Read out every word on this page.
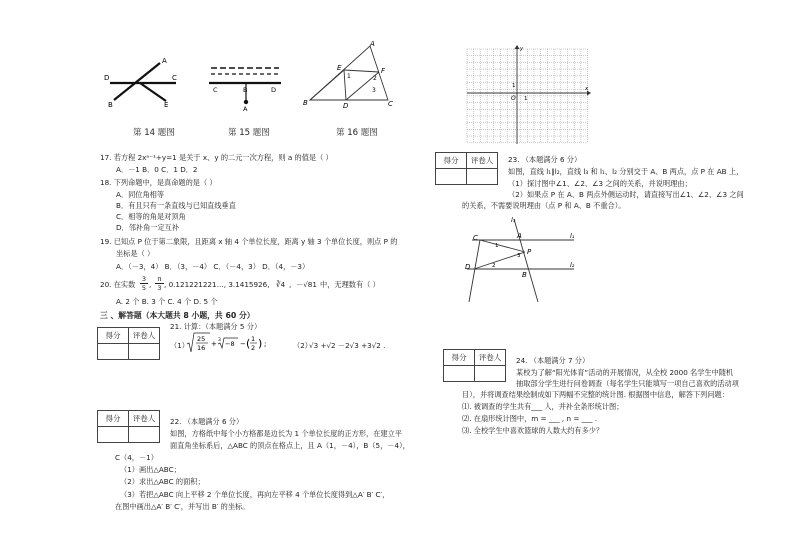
A
D	C
B	E
C	B	D
A
A
E	F
B	D	C
1	2
3
第 14 题图	第 15 题图	第 16 题图
17. 若方程 2xᵃ⁻¹+y=1 是关于 x、y 的二元一次方程，则 a 的值是（ ）
A．－1 B．0 C．1 D．2
18. 下列命题中，是真命题的是（ ）
A．同位角相等
B．有且只有一条直线与已知直线垂直
C．相等的角是对顶角
D．邻补角一定互补
19. 已知点 P 位于第二象限，且距离 x 轴 4 个单位长度，距离 y 轴 3 个单位长度，则点 P 的
坐标是（ ）
A．（－3，4） B．（3，－4） C．（－4，3） D．（4，－3）
20. 在实数
3
5 ,
π
3 , 0.121221221…, 3.1415926, ∛4 , －√81 中，无理数有（ ）
A. 2 个 B. 3 个 C. 4 个 D. 5 个
三 、解答题（本大题共 8 小题，共 60 分）
得分	评卷人

21. 计算：（本题满分 5 分）
（1）
25
16 + 3 −8 − ( 1
2 ) ;	（2）
√3 +√2 －2√3 +3√2 .
得分	评卷人
	22. （本题满分 6 分）
如图，方格纸中每个小方格都是边长为 1 个单位长度的正方形，在建立平
面直角坐标系后，△ABC 的顶点在格点上，且 A（1，－4），B（5，－4），
C（4，－1）
（1）画出△ABC；
（2）求出△ABC 的面积；
（3）若把△ABC 向上平移 2 个单位长度，再向左平移 4 个单位长度得到△A′ B′ C′，
在图中画出△A′ B′ C′，并写出 B′ 的坐标。
x
y
O 1
1
得分	评卷人
	23. （本题满分 6 分）
如图，直线 l₁∥l₂，直线 l₃ 和 l₁、l₂ 分别交于 A、B 两点，点 P 在 AB 上，
（1）探讨图中∠1、∠2、∠3 之间的关系，并说明理由；
（2）如果点 P 在 A、B 两点外侧运动时，请直接写出∠1、∠2、∠3 之间
的关系，不需要说明理由（点 P 和 A、B 不重合）。
C	A
D
B
P
l₁
l₂
l₃
1
2
3
得分	评卷人
	24. （本题满分 7 分）
某校为了解“阳光体育”活动的开展情况，从全校 2000 名学生中随机
抽取部分学生进行问卷调查（每名学生只能填写一项自己喜欢的活动项
目），并将调查结果绘制成如下两幅不完整的统计图. 根据图中信息，解答下列问题：
⑴. 被调查的学生共有___ 人，并补全条形统计图；
⑵. 在扇形统计图中，m = ___ , n = ___ .
⑶. 全校学生中喜欢篮球的人数大约有多少？
